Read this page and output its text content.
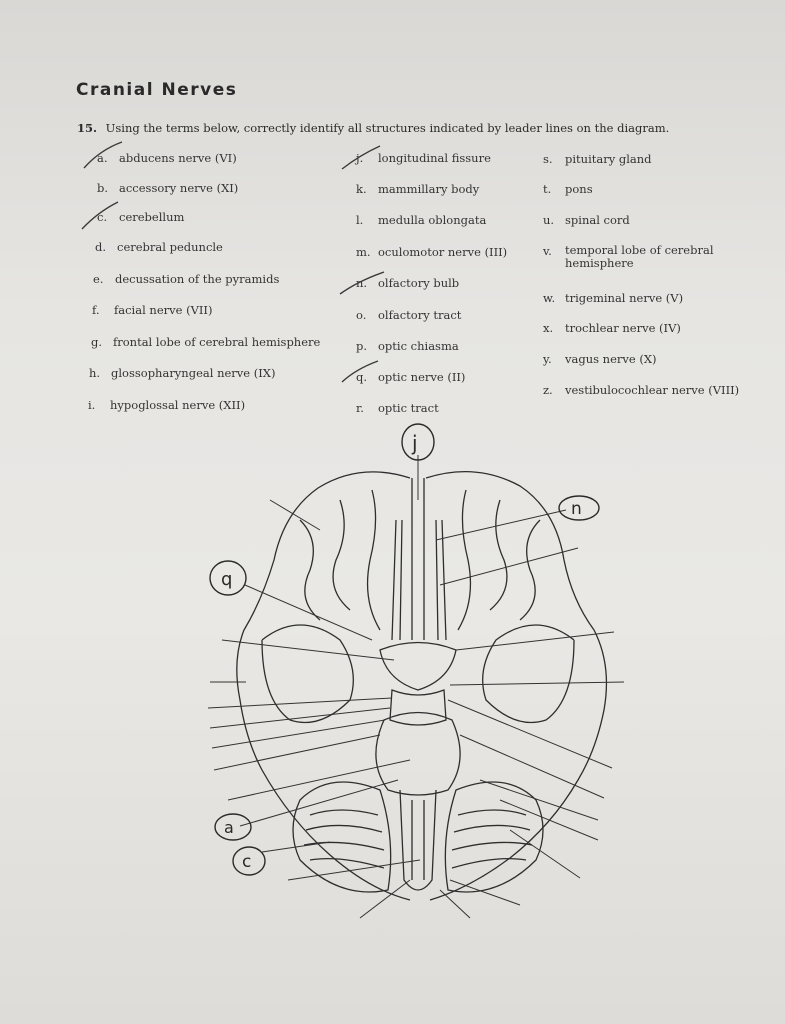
Cranial Nerves
15. Using the terms below, correctly identify all structures indicated by leader lines on the diagram.
a. abducens nerve (VI)
b. accessory nerve (XI)
c. cerebellum
d. cerebral peduncle
e. decussation of the pyramids
f. facial nerve (VII)
g. frontal lobe of cerebral hemisphere
h. glossopharyngeal nerve (IX)
i. hypoglossal nerve (XII)
j. longitudinal fissure
k. mammillary body
l. medulla oblongata
m. oculomotor nerve (III)
n. olfactory bulb
o. olfactory tract
p. optic chiasma
q. optic nerve (II)
r. optic tract
s. pituitary gland
t. pons
u. spinal cord
v. temporal lobe of cerebral hemisphere
w. trigeminal nerve (V)
x. trochlear nerve (IV)
y. vagus nerve (X)
z. vestibulocochlear nerve (VIII)
j
n
q
a
c
